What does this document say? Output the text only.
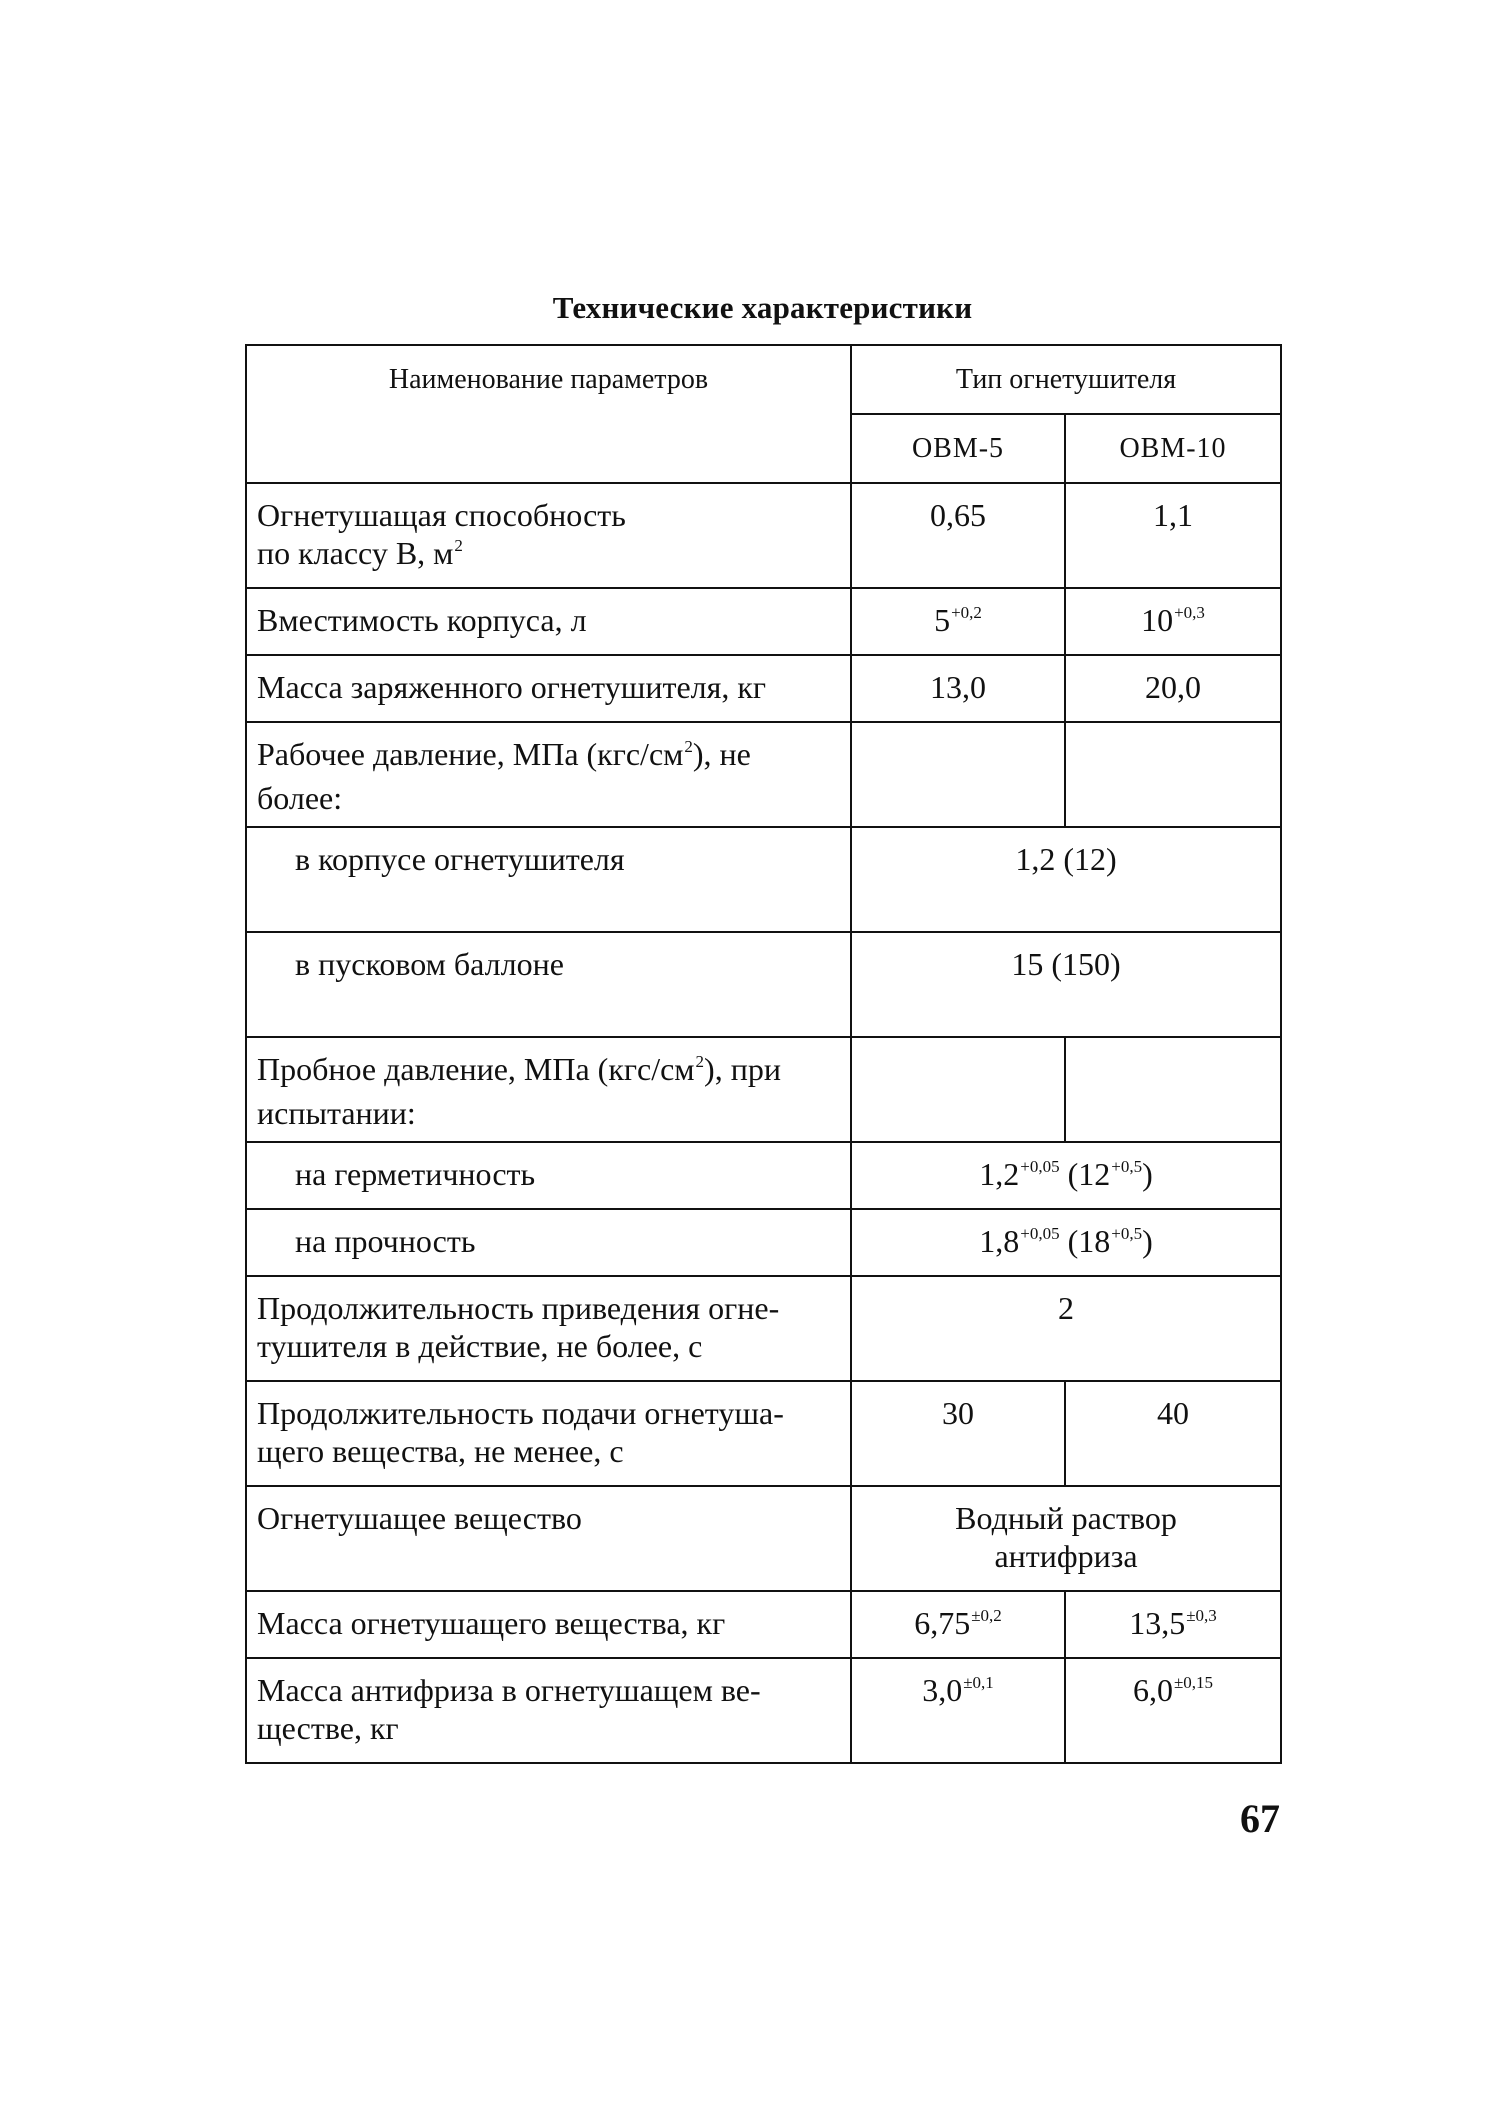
Технические характеристики
Наименование параметров	Тип огнетушителя	
	ОВМ-5	ОВМ-10
Огнетушащая способность
по классу В, $м^2$	0,65	1,1
Вместимость корпуса, л	$5^{+0,2}$	$10^{+0,3}$
Масса заряженного огнетушителя, кг	13,0	20,0
Рабочее давление, МПа $(кгс/см^2)$, не более:		
в корпусе огнетушителя	1,2 (12)	
в пусковом баллоне	15 (150)	
Пробное давление, МПа $(кгс/см^2)$, при испытании:		
на герметичность	$1,2^{+0,05}$ $(12^{+0,5})$	
на прочность	$1,8^{+0,05}$ $(18^{+0,5})$	
Продолжительность приведения огне-тушителя в действие, не более, с	2	
Продолжительность подачи огнетуша-щего вещества, не менее, с	30	40
Огнетушащее вещество	Водный раствор антифриза	
Масса огнетушащего вещества, кг	$6,75^{\pm 0,2}$	$13,5^{\pm 0,3}$
Масса антифриза в огнетушащем ве-ществе, кг	$3,0^{\pm 0,1}$	$6,0^{\pm 0,15}$
67
